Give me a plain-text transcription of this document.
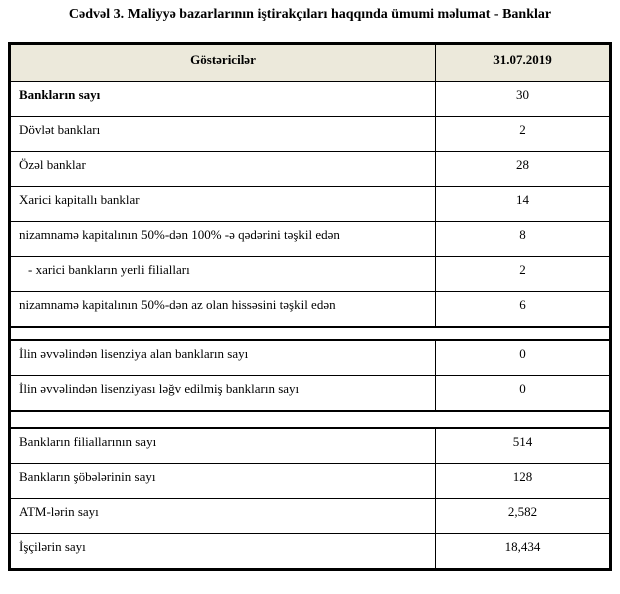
Cədvəl 3. Maliyyə bazarlarının iştirakçıları haqqında ümumi məlumat - Banklar
Göstəricilər	31.07.2019
Bankların sayı	30
Dövlət bankları	2
Özəl banklar	28
Xarici kapitallı banklar	14
nizamnamə kapitalının 50%-dən 100% -ə qədərini təşkil edən	8
- xarici bankların yerli filialları	2
nizamnamə kapitalının 50%-dən az olan hissəsini təşkil edən	6
İlin əvvəlindən lisenziya alan bankların sayı	0
İlin əvvəlindən lisenziyası ləğv edilmiş bankların sayı	0
Bankların filiallarının sayı	514
Bankların şöbələrinin sayı	128
ATM-lərin sayı	2,582
İşçilərin sayı	18,434
